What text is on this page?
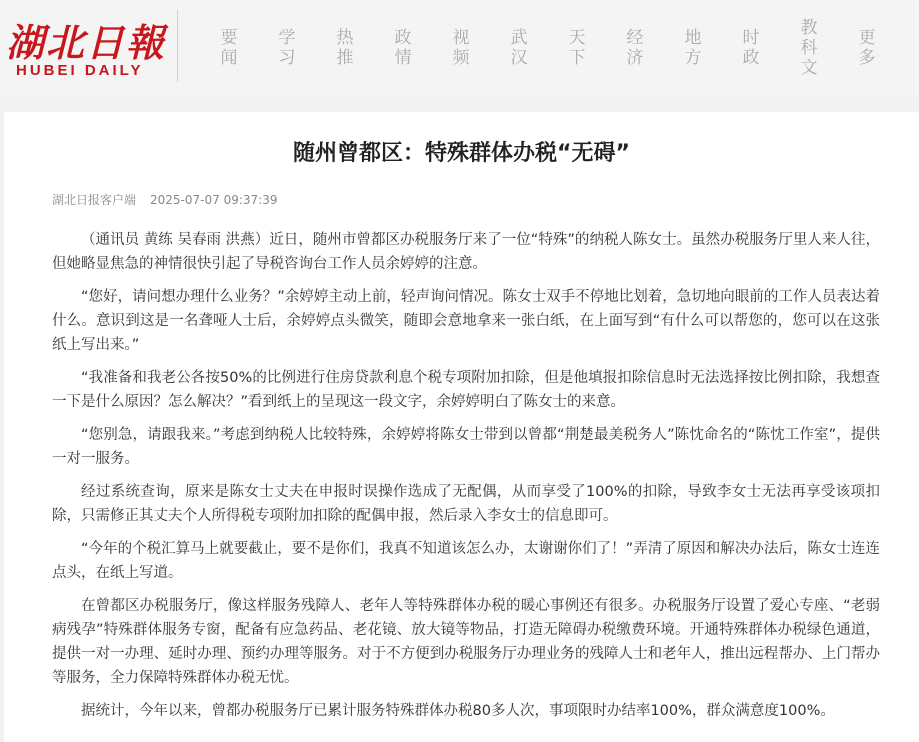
湖北日報
HUBEI DAILY
要闻
学习
热推
政情
视频
武汉
天下
经济
地方
时政
教科文
更多
随州曾都区：特殊群体办税“无碍”
湖北日报客户端 2025-07-07 09:37:39

（通讯员 黄练 吴春雨 洪燕）近日，随州市曾都区办税服务厅来了一位“特殊”的纳税人陈女士。虽然办税服务厅里人来人往，但她略显焦急的神情很快引起了导税咨询台工作人员余婷婷的注意。

“您好，请问想办理什么业务？”余婷婷主动上前，轻声询问情况。陈女士双手不停地比划着，急切地向眼前的工作人员表达着什么。意识到这是一名聋哑人士后，余婷婷点头微笑，随即会意地拿来一张白纸，在上面写到“有什么可以帮您的，您可以在这张纸上写出来。”

“我准备和我老公各按50%的比例进行住房贷款利息个税专项附加扣除，但是他填报扣除信息时无法选择按比例扣除，我想查一下是什么原因？怎么解决？”看到纸上的呈现这一段文字，余婷婷明白了陈女士的来意。

“您别急，请跟我来。”考虑到纳税人比较特殊，余婷婷将陈女士带到以曾都“荆楚最美税务人”陈忱命名的“陈忱工作室”，提供一对一服务。

经过系统查询，原来是陈女士丈夫在申报时误操作选成了无配偶，从而享受了100%的扣除，导致李女士无法再享受该项扣除，只需修正其丈夫个人所得税专项附加扣除的配偶申报，然后录入李女士的信息即可。

“今年的个税汇算马上就要截止，要不是你们，我真不知道该怎么办，太谢谢你们了！”弄清了原因和解决办法后，陈女士连连点头，在纸上写道。

在曾都区办税服务厅，像这样服务残障人、老年人等特殊群体办税的暖心事例还有很多。办税服务厅设置了爱心专座、“老弱病残孕”特殊群体服务专窗，配备有应急药品、老花镜、放大镜等物品，打造无障碍办税缴费环境。开通特殊群体办税绿色通道，提供一对一办理、延时办理、预约办理等服务。对于不方便到办税服务厅办理业务的残障人士和老年人，推出远程帮办、上门帮办等服务，全力保障特殊群体办税无忧。

据统计，今年以来，曾都办税服务厅已累计服务特殊群体办税80多人次，事项限时办结率100%，群众满意度100%。
